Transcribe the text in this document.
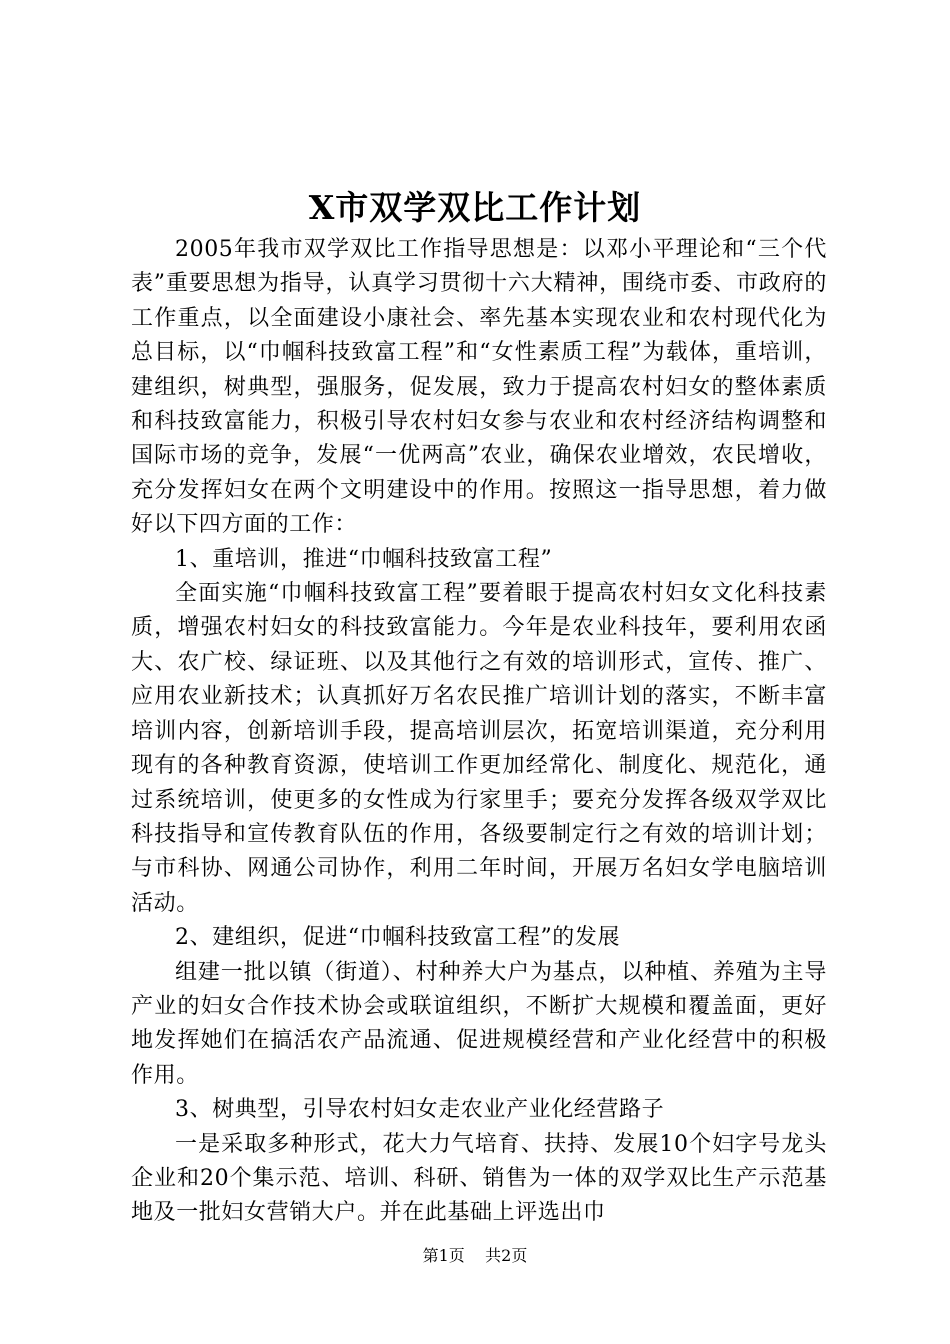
X市双学双比工作计划

2005年我市双学双比工作指导思想是：以邓小平理论和“三个代表”重要思想为指导，认真学习贯彻十六大精神，围绕市委、市政府的工作重点，以全面建设小康社会、率先基本实现农业和农村现代化为总目标，以“巾帼科技致富工程”和“女性素质工程”为载体，重培训，建组织，树典型，强服务，促发展，致力于提高农村妇女的整体素质和科技致富能力，积极引导农村妇女参与农业和农村经济结构调整和国际市场的竞争，发展“一优两高”农业，确保农业增效，农民增收，充分发挥妇女在两个文明建设中的作用。按照这一指导思想，着力做好以下四方面的工作：

1、重培训，推进“巾帼科技致富工程”

全面实施“巾帼科技致富工程”要着眼于提高农村妇女文化科技素质，增强农村妇女的科技致富能力。今年是农业科技年，要利用农函大、农广校、绿证班、以及其他行之有效的培训形式，宣传、推广、应用农业新技术；认真抓好万名农民推广培训计划的落实，不断丰富培训内容，创新培训手段，提高培训层次，拓宽培训渠道，充分利用现有的各种教育资源，使培训工作更加经常化、制度化、规范化，通过系统培训，使更多的女性成为行家里手；要充分发挥各级双学双比科技指导和宣传教育队伍的作用，各级要制定行之有效的培训计划；与市科协、网通公司协作，利用二年时间，开展万名妇女学电脑培训活动。

2、建组织，促进“巾帼科技致富工程”的发展

组建一批以镇（街道）、村种养大户为基点，以种植、养殖为主导产业的妇女合作技术协会或联谊组织，不断扩大规模和覆盖面，更好地发挥她们在搞活农产品流通、促进规模经营和产业化经营中的积极作用。

3、树典型，引导农村妇女走农业产业化经营路子

一是采取多种形式，花大力气培育、扶持、发展10个妇字号龙头企业和20个集示范、培训、科研、销售为一体的双学双比生产示范基地及一批妇女营销大户。并在此基础上评选出巾

第1页 共2页
